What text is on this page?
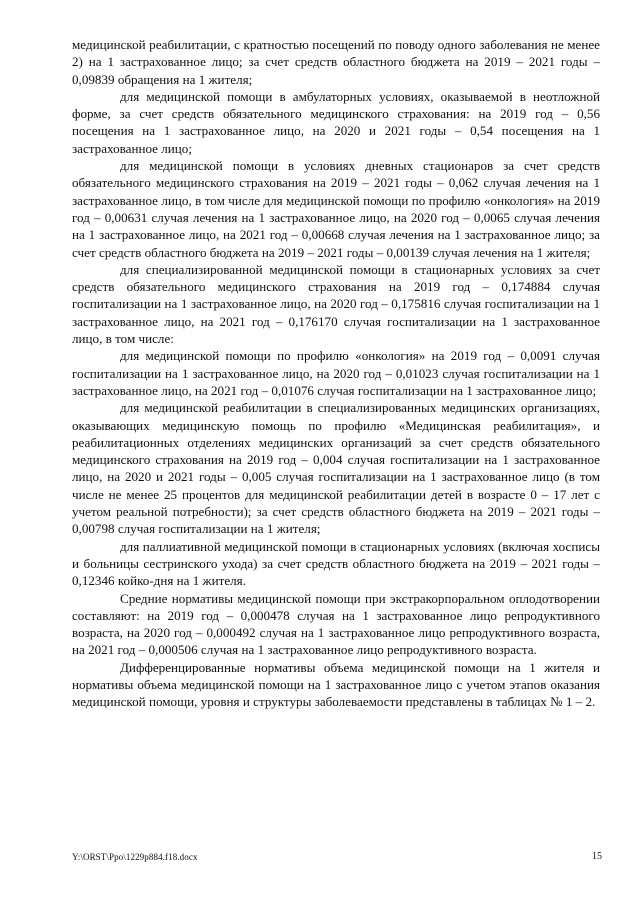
медицинской реабилитации, с кратностью посещений по поводу одного заболевания не менее 2) на 1 застрахованное лицо; за счет средств областного бюджета на 2019 – 2021 годы – 0,09839 обращения на 1 жителя;

для медицинской помощи в амбулаторных условиях, оказываемой в неотложной форме, за счет средств обязательного медицинского страхования: на 2019 год – 0,56 посещения на 1 застрахованное лицо, на 2020 и 2021 годы – 0,54 посещения на 1 застрахованное лицо;

для медицинской помощи в условиях дневных стационаров за счет средств обязательного медицинского страхования на 2019 – 2021 годы – 0,062 случая лечения на 1 застрахованное лицо, в том числе для медицинской помощи по профилю «онкология» на 2019 год – 0,00631 случая лечения на 1 застрахованное лицо, на 2020 год – 0,0065 случая лечения на 1 застрахованное лицо, на 2021 год – 0,00668 случая лечения на 1 застрахованное лицо; за счет средств областного бюджета на 2019 – 2021 годы – 0,00139 случая лечения на 1 жителя;

для специализированной медицинской помощи в стационарных условиях за счет средств обязательного медицинского страхования на 2019 год – 0,174884 случая госпитализации на 1 застрахованное лицо, на 2020 год – 0,175816 случая госпитализации на 1 застрахованное лицо, на 2021 год – 0,176170 случая госпитализации на 1 застрахованное лицо, в том числе:

для медицинской помощи по профилю «онкология» на 2019 год – 0,0091 случая госпитализации на 1 застрахованное лицо, на 2020 год – 0,01023 случая госпитализации на 1 застрахованное лицо, на 2021 год – 0,01076 случая госпитализации на 1 застрахованное лицо;

для медицинской реабилитации в специализированных медицинских организациях, оказывающих медицинскую помощь по профилю «Медицинская реабилитация», и реабилитационных отделениях медицинских организаций за счет средств обязательного медицинского страхования на 2019 год – 0,004 случая госпитализации на 1 застрахованное лицо, на 2020 и 2021 годы – 0,005 случая госпитализации на 1 застрахованное лицо (в том числе не менее 25 процентов для медицинской реабилитации детей в возрасте 0 – 17 лет с учетом реальной потребности); за счет средств областного бюджета на 2019 – 2021 годы – 0,00798 случая госпитализации на 1 жителя;

для паллиативной медицинской помощи в стационарных условиях (включая хосписы и больницы сестринского ухода) за счет средств областного бюджета на 2019 – 2021 годы – 0,12346 койко-дня на 1 жителя.

Средние нормативы медицинской помощи при экстракорпоральном оплодотворении составляют: на 2019 год – 0,000478 случая на 1 застрахованное лицо репродуктивного возраста, на 2020 год – 0,000492 случая на 1 застрахованное лицо репродуктивного возраста, на 2021 год – 0,000506 случая на 1 застрахованное лицо репродуктивного возраста.

Дифференцированные нормативы объема медицинской помощи на 1 жителя и нормативы объема медицинской помощи на 1 застрахованное лицо с учетом этапов оказания медицинской помощи, уровня и структуры заболеваемости представлены в таблицах № 1 – 2.

Y:\ORST\Ppo\1229p884.f18.docx	15
